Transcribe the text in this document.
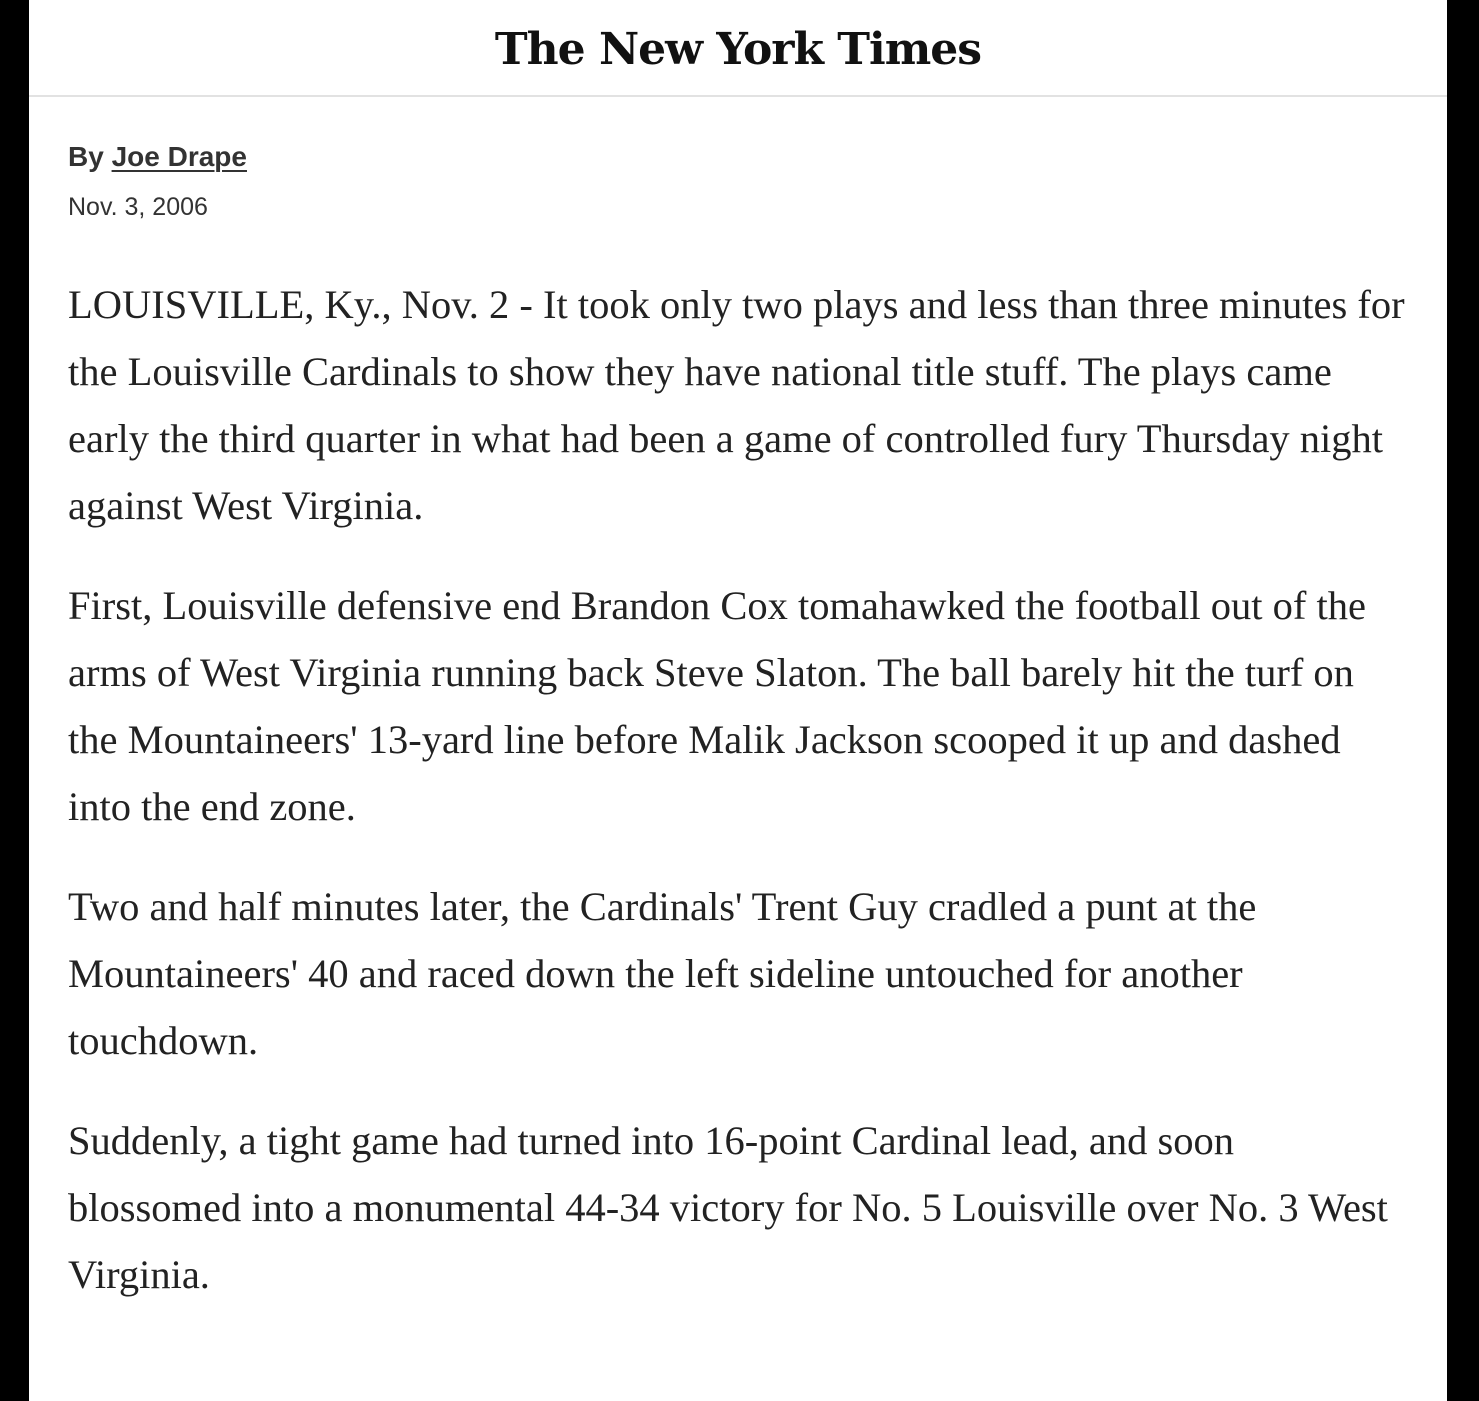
The New York Times

By Joe Drape

Nov. 3, 2006

LOUISVILLE, Ky., Nov. 2 - It took only two plays and less than three minutes for the Louisville Cardinals to show they have national title stuff. The plays came early the third quarter in what had been a game of controlled fury Thursday night against West Virginia.

First, Louisville defensive end Brandon Cox tomahawked the football out of the arms of West Virginia running back Steve Slaton. The ball barely hit the turf on the Mountaineers' 13-yard line before Malik Jackson scooped it up and dashed into the end zone.

Two and half minutes later, the Cardinals' Trent Guy cradled a punt at the Mountaineers' 40 and raced down the left sideline untouched for another touchdown.

Suddenly, a tight game had turned into 16-point Cardinal lead, and soon blossomed into a monumental 44-34 victory for No. 5 Louisville over No. 3 West Virginia.
